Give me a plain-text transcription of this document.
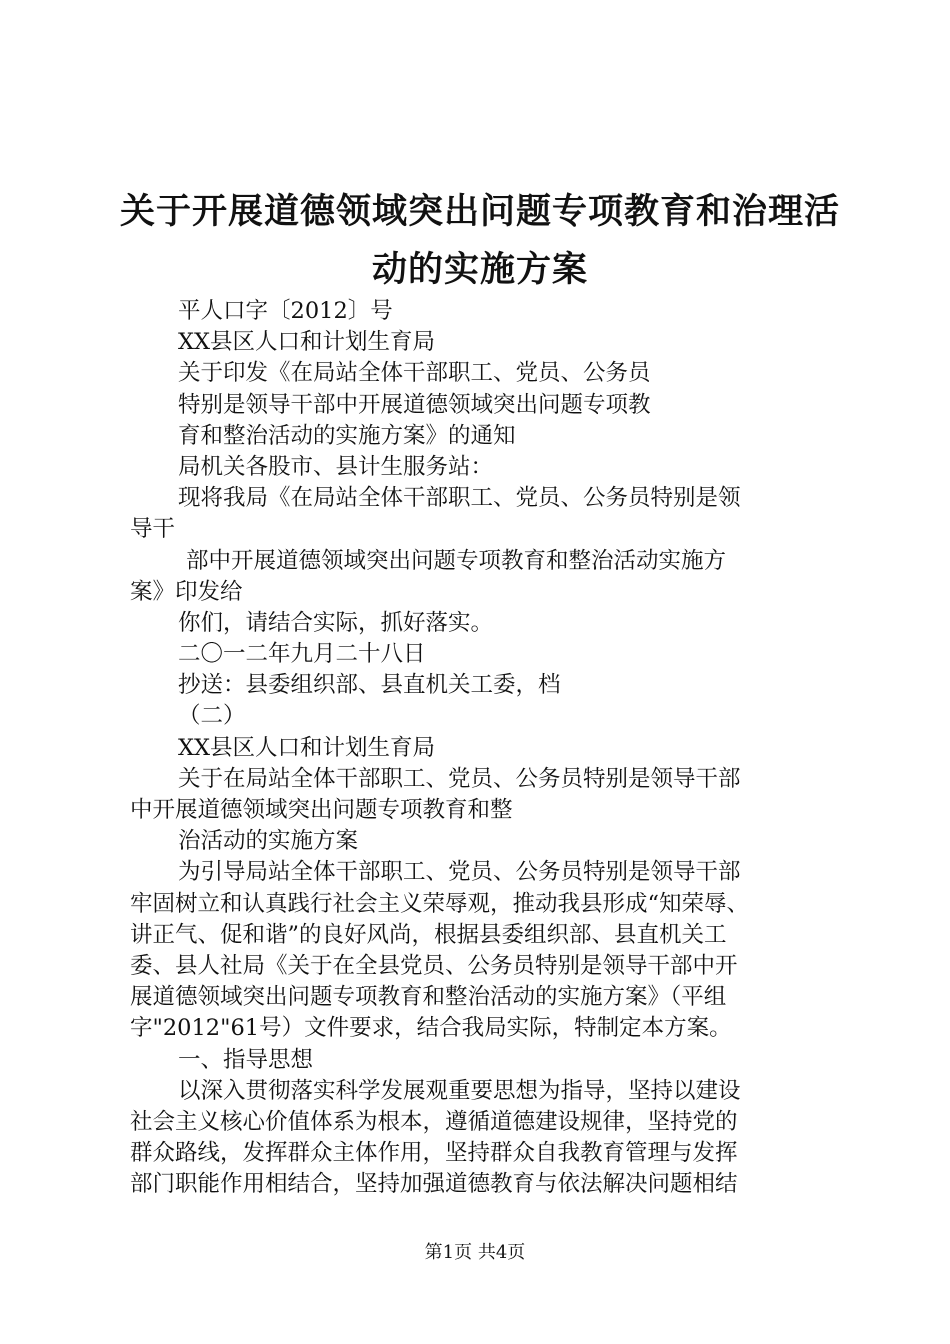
关于开展道德领域突出问题专项教育和治理活
动的实施方案
平人口字〔2012〕号
XX县区人口和计划生育局
关于印发《在局站全体干部职工、党员、公务员
特别是领导干部中开展道德领域突出问题专项教
育和整治活动的实施方案》的通知
局机关各股市、县计生服务站：
现将我局《在局站全体干部职工、党员、公务员特别是领
导干
部中开展道德领域突出问题专项教育和整治活动实施方
案》印发给
你们，请结合实际，抓好落实。
二〇一二年九月二十八日
抄送：县委组织部、县直机关工委，档
（二）
XX县区人口和计划生育局
关于在局站全体干部职工、党员、公务员特别是领导干部
中开展道德领域突出问题专项教育和整
治活动的实施方案
为引导局站全体干部职工、党员、公务员特别是领导干部
牢固树立和认真践行社会主义荣辱观，推动我县形成“知荣辱、
讲正气、促和谐”的良好风尚，根据县委组织部、县直机关工
委、县人社局《关于在全县党员、公务员特别是领导干部中开
展道德领域突出问题专项教育和整治活动的实施方案》（平组
字"2012"61号）文件要求，结合我局实际，特制定本方案。
一、指导思想
以深入贯彻落实科学发展观重要思想为指导，坚持以建设
社会主义核心价值体系为根本，遵循道德建设规律，坚持党的
群众路线，发挥群众主体作用，坚持群众自我教育管理与发挥
部门职能作用相结合，坚持加强道德教育与依法解决问题相结
第1页 共4页
